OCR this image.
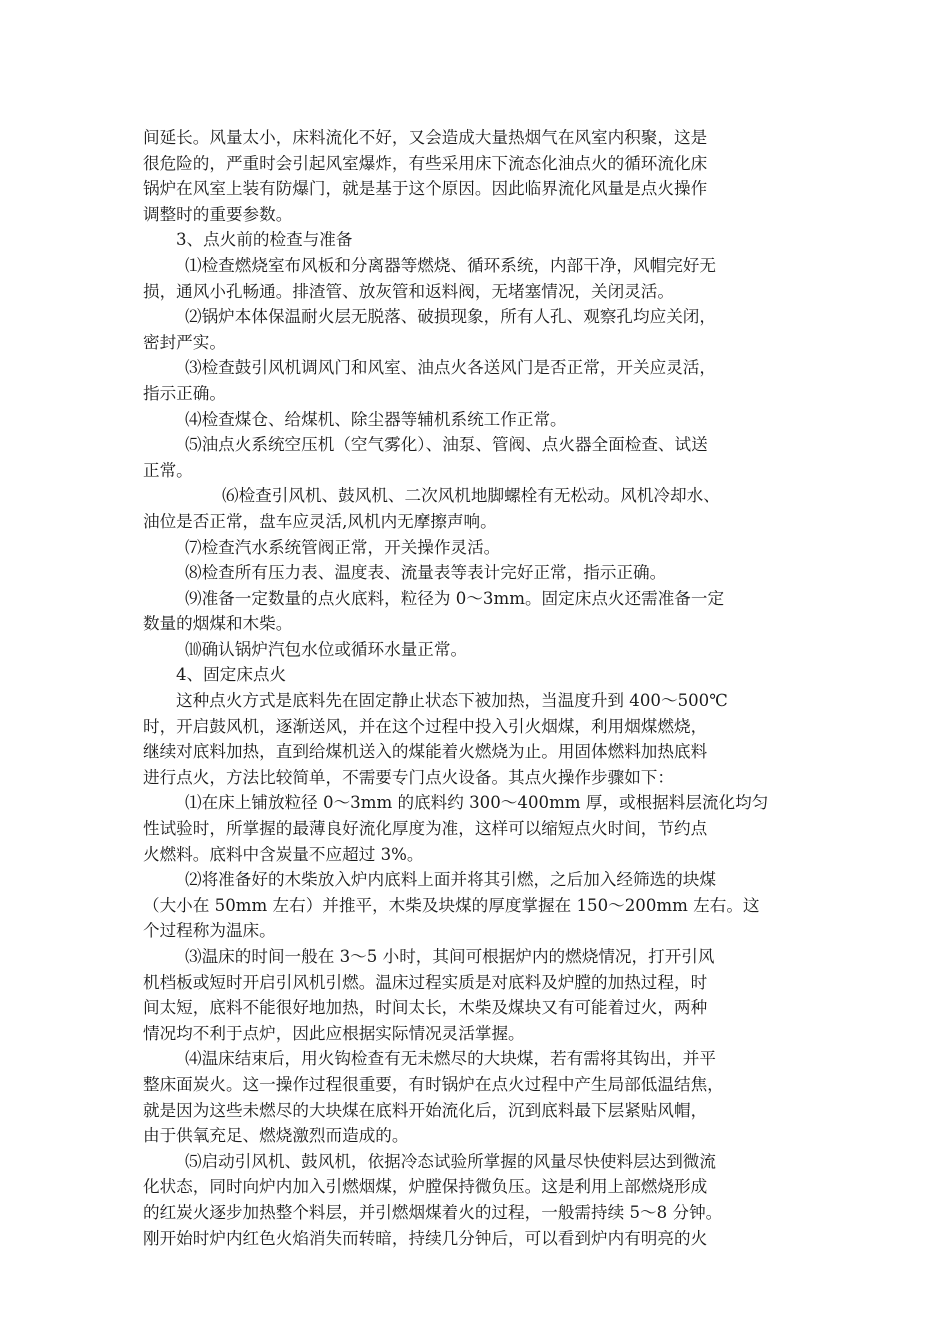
间延长。风量太小，床料流化不好，又会造成大量热烟气在风室内积聚，这是
很危险的，严重时会引起风室爆炸，有些采用床下流态化油点火的循环流化床
锅炉在风室上装有防爆门，就是基于这个原因。因此临界流化风量是点火操作
调整时的重要参数。
3、点火前的检查与准备
⑴检查燃烧室布风板和分离器等燃烧、循环系统，内部干净，风帽完好无
损，通风小孔畅通。排渣管、放灰管和返料阀，无堵塞情况，关闭灵活。
⑵锅炉本体保温耐火层无脱落、破损现象，所有人孔、观察孔均应关闭，
密封严实。
⑶检查鼓引风机调风门和风室、油点火各送风门是否正常，开关应灵活，
指示正确。
⑷检查煤仓、给煤机、除尘器等辅机系统工作正常。
⑸油点火系统空压机（空气雾化）、油泵、管阀、点火器全面检查、试送
正常。
⑹检查引风机、鼓风机、二次风机地脚螺栓有无松动。风机冷却水、
油位是否正常，盘车应灵活,风机内无摩擦声响。
⑺检查汽水系统管阀正常，开关操作灵活。
⑻检查所有压力表、温度表、流量表等表计完好正常，指示正确。
⑼准备一定数量的点火底料，粒径为 0～3mm。固定床点火还需准备一定
数量的烟煤和木柴。
⑽确认锅炉汽包水位或循环水量正常。
4、固定床点火
这种点火方式是底料先在固定静止状态下被加热，当温度升到 400～500℃
时，开启鼓风机，逐渐送风，并在这个过程中投入引火烟煤，利用烟煤燃烧，
继续对底料加热，直到给煤机送入的煤能着火燃烧为止。用固体燃料加热底料
进行点火，方法比较简单，不需要专门点火设备。其点火操作步骤如下：
⑴在床上铺放粒径 0～3mm 的底料约 300～400mm 厚，或根据料层流化均匀
性试验时，所掌握的最薄良好流化厚度为准，这样可以缩短点火时间，节约点
火燃料。底料中含炭量不应超过 3%。
⑵将准备好的木柴放入炉内底料上面并将其引燃，之后加入经筛选的块煤
（大小在 50mm 左右）并推平，木柴及块煤的厚度掌握在 150～200mm 左右。这
个过程称为温床。
⑶温床的时间一般在 3～5 小时，其间可根据炉内的燃烧情况，打开引风
机档板或短时开启引风机引燃。温床过程实质是对底料及炉膛的加热过程，时
间太短，底料不能很好地加热，时间太长，木柴及煤块又有可能着过火，两种
情况均不利于点炉，因此应根据实际情况灵活掌握。
⑷温床结束后，用火钩检查有无未燃尽的大块煤，若有需将其钩出，并平
整床面炭火。这一操作过程很重要，有时锅炉在点火过程中产生局部低温结焦，
就是因为这些未燃尽的大块煤在底料开始流化后，沉到底料最下层紧贴风帽，
由于供氧充足、燃烧激烈而造成的。
⑸启动引风机、鼓风机，依据冷态试验所掌握的风量尽快使料层达到微流
化状态，同时向炉内加入引燃烟煤，炉膛保持微负压。这是利用上部燃烧形成
的红炭火逐步加热整个料层，并引燃烟煤着火的过程，一般需持续 5～8 分钟。
刚开始时炉内红色火焰消失而转暗，持续几分钟后，可以看到炉内有明亮的火
